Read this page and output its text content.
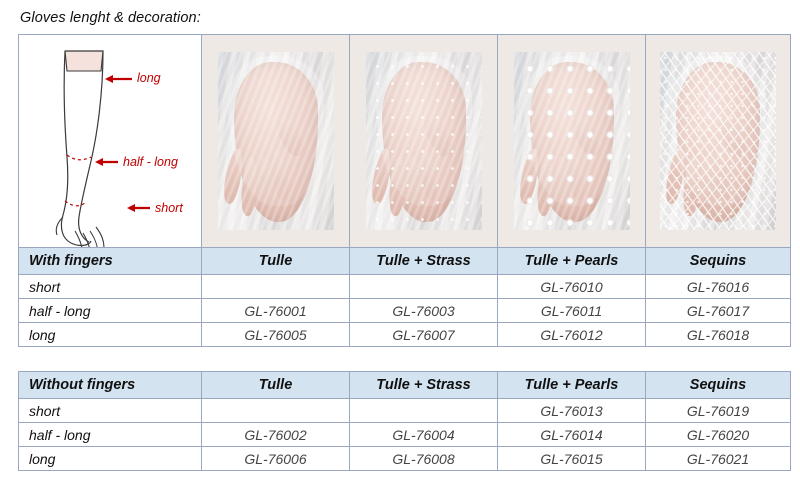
Gloves lenght & decoration:
long
half - long
short				

With fingers	Tulle	Tulle + Strass	Tulle + Pearls	Sequins
short			GL-76010	GL-76016
half - long	GL-76001	GL-76003	GL-76011	GL-76017
long	GL-76005	GL-76007	GL-76012	GL-76018
Without fingers	Tulle	Tulle + Strass	Tulle + Pearls	Sequins
short			GL-76013	GL-76019
half - long	GL-76002	GL-76004	GL-76014	GL-76020
long	GL-76006	GL-76008	GL-76015	GL-76021
